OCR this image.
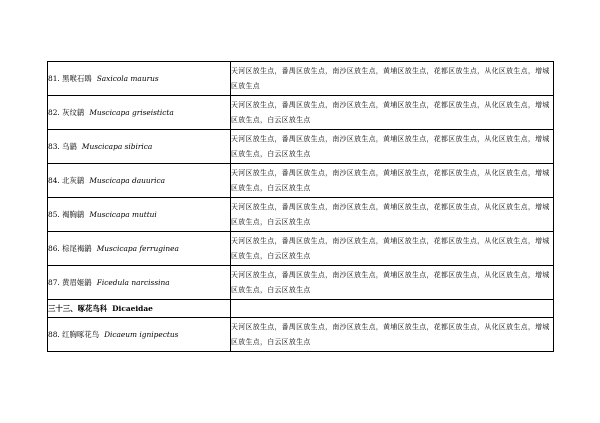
81. 黑喉石鵖 Saxicola maurus	天河区放生点，番禺区放生点，南沙区放生点，黄埔区放生点，花都区放生点，从化区放生点，增城区放生点
82. 灰纹鹟 Muscicapa griseisticta	天河区放生点，番禺区放生点，南沙区放生点，黄埔区放生点，花都区放生点，从化区放生点，增城区放生点，白云区放生点
83. 乌鹟 Muscicapa sibirica	天河区放生点，番禺区放生点，南沙区放生点，黄埔区放生点，花都区放生点，从化区放生点，增城区放生点，白云区放生点
84. 北灰鹟 Muscicapa dauurica	天河区放生点，番禺区放生点，南沙区放生点，黄埔区放生点，花都区放生点，从化区放生点，增城区放生点，白云区放生点
85. 褐胸鹟 Muscicapa muttui	天河区放生点，番禺区放生点，南沙区放生点，黄埔区放生点，花都区放生点，从化区放生点，增城区放生点，白云区放生点
86. 棕尾褐鹟 Muscicapa ferruginea	天河区放生点，番禺区放生点，南沙区放生点，黄埔区放生点，花都区放生点，从化区放生点，增城区放生点，白云区放生点
87. 黄眉姬鹟 Ficedula narcissina	天河区放生点，番禺区放生点，南沙区放生点，黄埔区放生点，花都区放生点，从化区放生点，增城区放生点，白云区放生点
三十三、啄花鸟科 Dicaeidae	
88. 红胸啄花鸟 Dicaeum ignipectus	天河区放生点，番禺区放生点，南沙区放生点，黄埔区放生点，花都区放生点，从化区放生点，增城区放生点，白云区放生点
